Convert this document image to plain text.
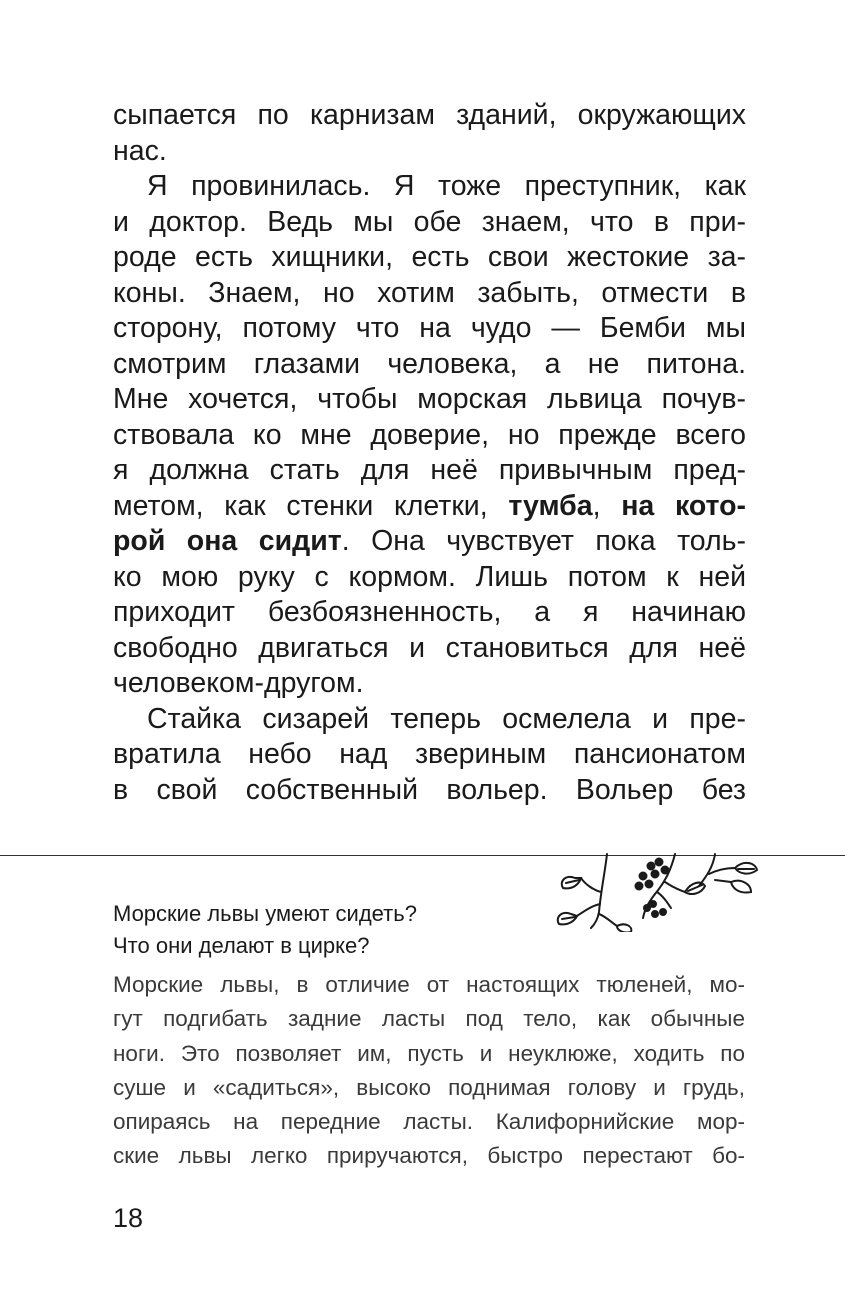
сыпается по карнизам зданий, окружающих
нас.
Я провинилась. Я тоже преступник, как
и доктор. Ведь мы обе знаем, что в при-
роде есть хищники, есть свои жестокие за-
коны. Знаем, но хотим забыть, отмести в
сторону, потому что на чудо — Бемби мы
смотрим глазами человека, а не питона.
Мне хочется, чтобы морская львица почув-
ствовала ко мне доверие, но прежде всего
я должна стать для неё привычным пред-
метом, как стенки клетки, тумба, на кото-
рой она сидит. Она чувствует пока толь-
ко мою руку с кормом. Лишь потом к ней
приходит безбоязненность, а я начинаю
свободно двигаться и становиться для неё
человеком-другом.
Стайка сизарей теперь осмелела и пре-
вратила небо над звериным пансионатом
в свой собственный вольер. Вольер без
Морские львы умеют сидеть?
Что они делают в цирке?
Морские львы, в отличие от настоящих тюленей, мо-
гут подгибать задние ласты под тело, как обычные
ноги. Это позволяет им, пусть и неуклюже, ходить по
суше и «садиться», высоко поднимая голову и грудь,
опираясь на передние ласты. Калифорнийские мор-
ские львы легко приручаются, быстро перестают бо-
18
